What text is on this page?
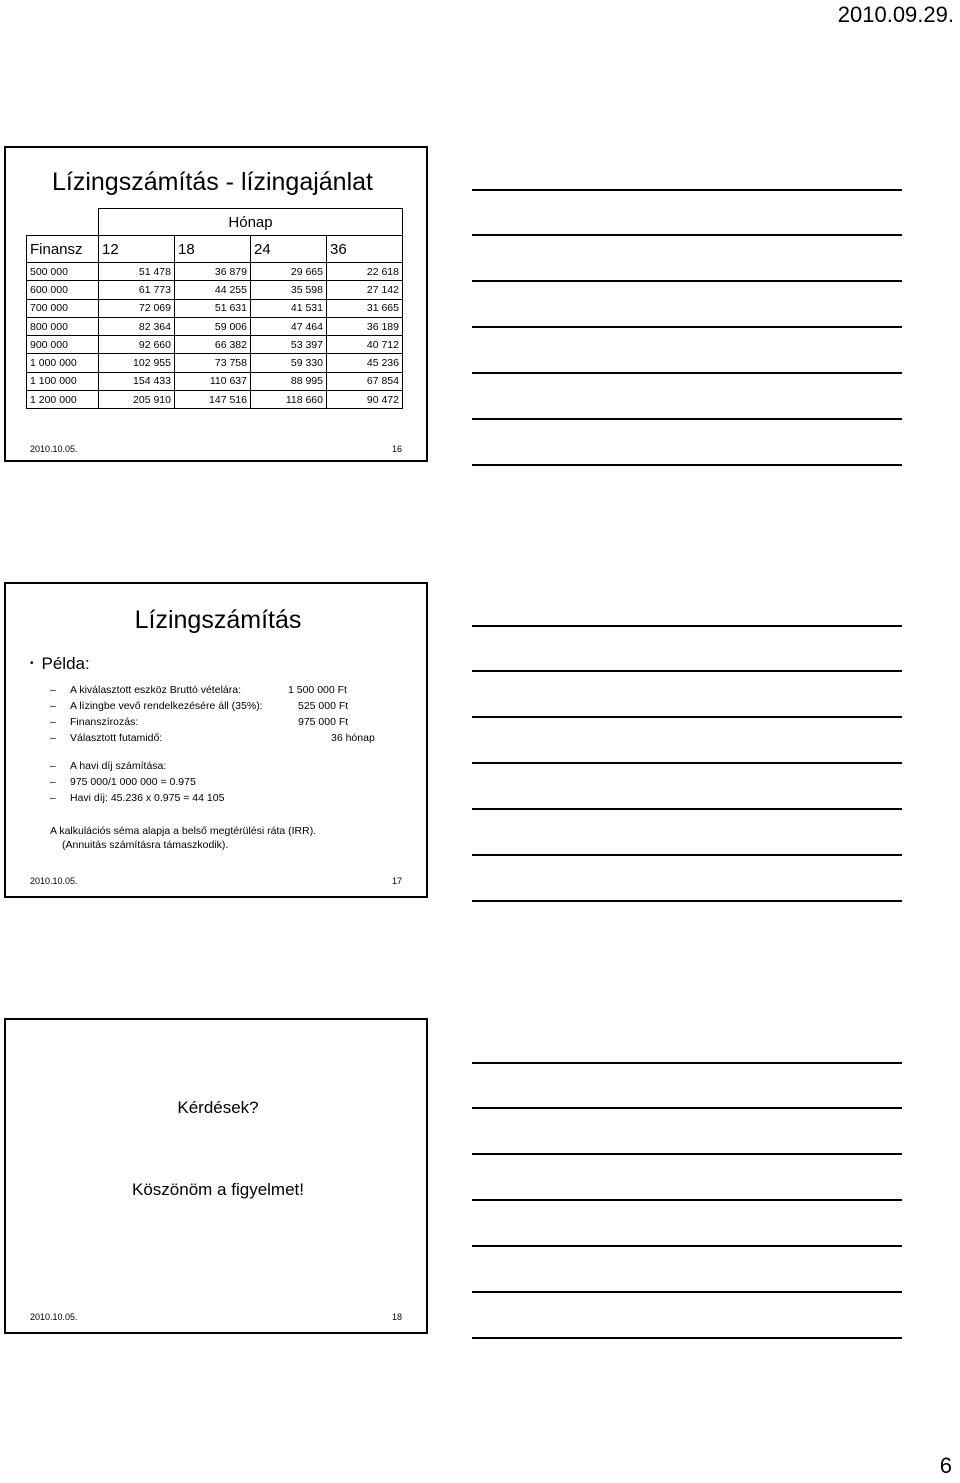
2010.09.29.
Lízingszámítás - lízingajánlat
	Hónap			
Finansz	12	18	24	36
500 000	51 478	36 879	29 665	22 618
600 000	61 773	44 255	35 598	27 142
700 000	72 069	51 631	41 531	31 665
800 000	82 364	59 006	47 464	36 189
900 000	92 660	66 382	53 397	40 712
1 000 000	102 955	73 758	59 330	45 236
1 100 000	154 433	110 637	88 995	67 854
1 200 000	205 910	147 516	118 660	90 472
2010.10.05.	16
Lízingszámítás
• Példa:
– A kiválasztott eszköz Bruttó vételára:	1 500 000 Ft
– A lízingbe vevő rendelkezésére áll (35%):	525 000 Ft
– Finanszírozás:	975 000 Ft
– Választott futamidő:	36 hónap
– A havi díj számítása:
– 975 000/1 000 000 = 0.975
– Havi díj: 45.236 x 0.975 = 44 105
A kalkulációs séma alapja a belső megtérülési ráta (IRR).
(Annuitás számításra támaszkodik).
2010.10.05.	17
Kérdések?
Köszönöm a figyelmet!
2010.10.05.	18
6
